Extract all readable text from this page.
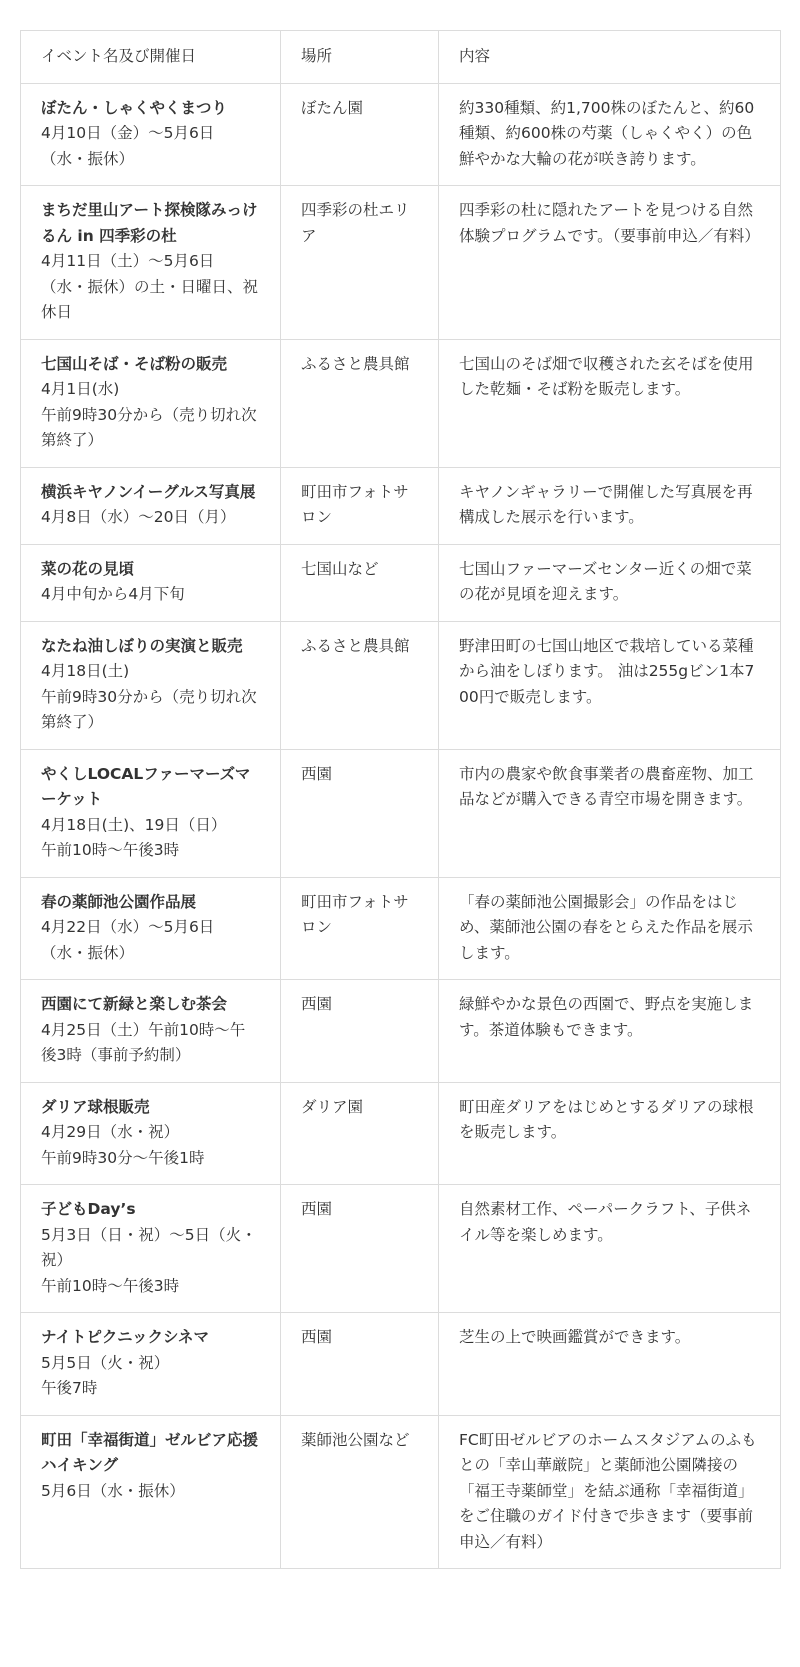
イベント名及び開催日	場所	内容

ぼたん・しゃくやくまつり
4月10日（金）～5月6日（水・振休）	ぼたん園	約330種類、約1,700株のぼたんと、約60種類、約600株の芍薬（しゃくやく）の色鮮やかな大輪の花が咲き誇ります。

まちだ里山アート探検隊みっけるん in 四季彩の杜
4月11日（土）～5月6日（水・振休）の土・日曜日、祝休日	四季彩の杜エリア	四季彩の杜に隠れたアートを見つける自然体験プログラムです。（要事前申込／有料）

七国山そば・そば粉の販売
4月1日(水)
午前9時30分から（売り切れ次第終了）	ふるさと農具館	七国山のそば畑で収穫された玄そばを使用した乾麺・そば粉を販売します。

横浜キヤノンイーグルス写真展
4月8日（水）～20日（月）	町田市フォトサロン	キヤノンギャラリーで開催した写真展を再構成した展示を行います。

菜の花の見頃
4月中旬から4月下旬	七国山など	七国山ファーマーズセンター近くの畑で菜の花が見頃を迎えます。

なたね油しぼりの実演と販売
4月18日(土)
午前9時30分から（売り切れ次第終了）	ふるさと農具館	野津田町の七国山地区で栽培している菜種から油をしぼります。 油は255gビン1本700円で販売します。

やくしLOCALファーマーズマーケット
4月18日(土)、19日（日）
午前10時～午後3時	西園	市内の農家や飲食事業者の農畜産物、加工品などが購入できる青空市場を開きます。

春の薬師池公園作品展
4月22日（水）～5月6日（水・振休）	町田市フォトサロン	「春の薬師池公園撮影会」の作品をはじめ、薬師池公園の春をとらえた作品を展示します。

西園にて新緑と楽しむ茶会
4月25日（土）午前10時～午後3時（事前予約制）	西園	緑鮮やかな景色の西園で、野点を実施します。茶道体験もできます。

ダリア球根販売
4月29日（水・祝）
午前9時30分～午後1時	ダリア園	町田産ダリアをはじめとするダリアの球根を販売します。

子どもDay’s
5月3日（日・祝）～5日（火・祝）
午前10時～午後3時	西園	自然素材工作、ペーパークラフト、子供ネイル等を楽しめます。

ナイトピクニックシネマ
5月5日（火・祝）
午後7時	西園	芝生の上で映画鑑賞ができます。

町田「幸福街道」ゼルビア応援ハイキング
5月6日（水・振休）	薬師池公園など	FC町田ゼルビアのホームスタジアムのふもとの「幸山華厳院」と薬師池公園隣接の「福王寺薬師堂」を結ぶ通称「幸福街道」をご住職のガイド付きで歩きます（要事前申込／有料）
